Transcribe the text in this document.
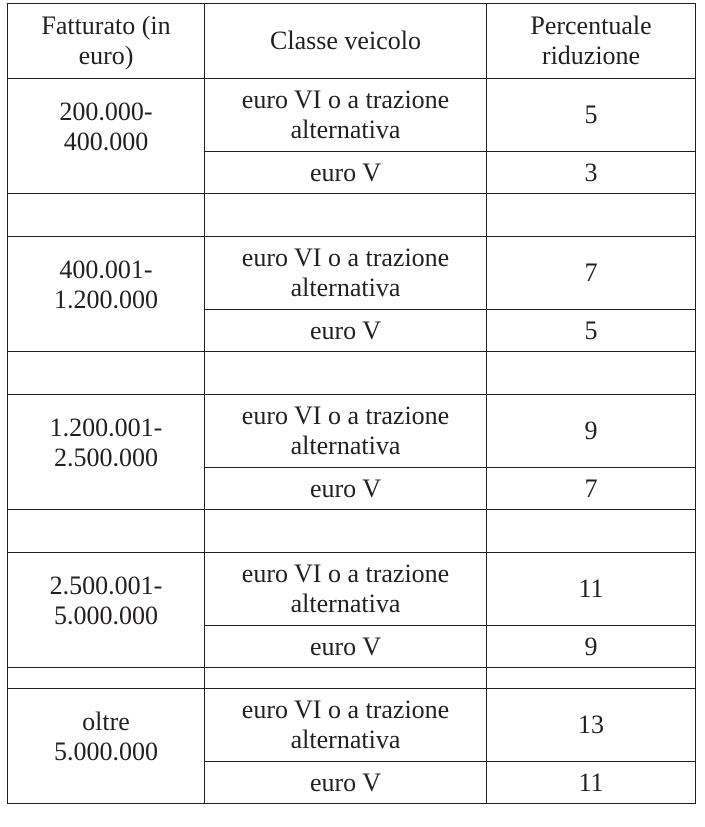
Fatturato (in euro)	Classe veicolo	Percentuale riduzione
200.000-
400.000	euro VI o a trazione alternativa	5
	euro V	3

400.001-
1.200.000	euro VI o a trazione alternativa	7
	euro V	5

1.200.001-
2.500.000	euro VI o a trazione alternativa	9
	euro V	7

2.500.001-
5.000.000	euro VI o a trazione alternativa	11
	euro V	9

oltre
5.000.000	euro VI o a trazione alternativa	13
	euro V	11
